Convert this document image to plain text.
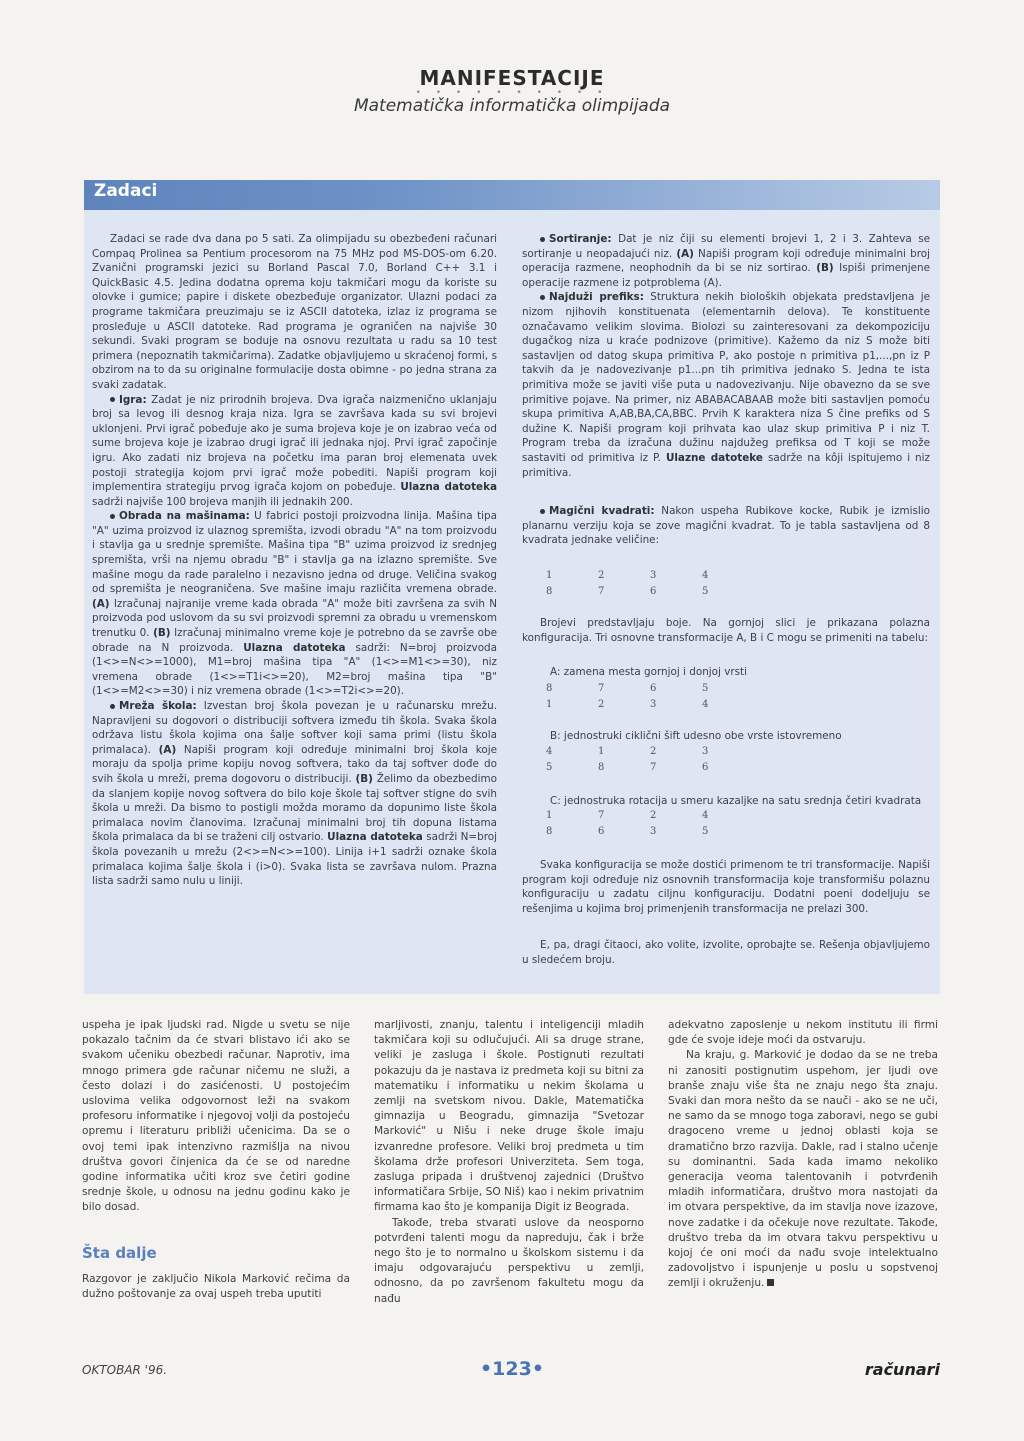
MANIFESTACIJE
• • • • • • • • • •
Matematička informatička olimpijada
Zadaci

Zadaci se rade dva dana po 5 sati. Za olimpijadu su obezbeđeni računari Compaq Prolinea sa Pentium procesorom na 75 MHz pod MS-DOS-om 6.20. Zvanični programski jezici su Borland Pascal 7.0, Borland C++ 3.1 i QuickBasic 4.5. Jedina dodatna oprema koju takmičari mogu da koriste su olovke i gumice; papire i diskete obezbeđuje organizator. Ulazni podaci za programe takmičara preuzimaju se iz ASCII datoteka, izlaz iz programa se prosleđuje u ASCII datoteke. Rad programa je ograničen na najviše 30 sekundi. Svaki program se boduje na osnovu rezultata u radu sa 10 test primera (nepoznatih takmičarima). Zadatke objavljujemo u skraćenoj formi, s obzirom na to da su originalne formulacije dosta obimne - po jedna strana za svaki zadatak.

Igra: Zadat je niz prirodnih brojeva. Dva igrača naizmenično uklanjaju broj sa levog ili desnog kraja niza. Igra se završava kada su svi brojevi uklonjeni. Prvi igrač pobeđuje ako je suma brojeva koje je on izabrao veća od sume brojeva koje je izabrao drugi igrač ili jednaka njoj. Prvi igrač započinje igru. Ako zadati niz brojeva na početku ima paran broj elemenata uvek postoji strategija kojom prvi igrač može pobediti. Napiši program koji implementira strategiju prvog igrača kojom on pobeđuje. Ulazna datoteka sadrži najviše 100 brojeva manjih ili jednakih 200.

Obrada na mašinama: U fabrici postoji proizvodna linija. Mašina tipa "A" uzima proizvod iz ulaznog spremišta, izvodi obradu "A" na tom proizvodu i stavlja ga u srednje spremište. Mašina tipa "B" uzima proizvod iz srednjeg spremišta, vrši na njemu obradu "B" i stavlja ga na izlazno spremište. Sve mašine mogu da rade paralelno i nezavisno jedna od druge. Veličina svakog od spremišta je neograničena. Sve mašine imaju različita vremena obrade. (A) Izračunaj najranije vreme kada obrada "A" može biti završena za svih N proizvoda pod uslovom da su svi proizvodi spremni za obradu u vremenskom trenutku 0. (B) Izračunaj minimalno vreme koje je potrebno da se završe obe obrade na N proizvoda. Ulazna datoteka sadrži: N=broj proizvoda (1<>=N<>=1000), M1=broj mašina tipa "A" (1<>=M1<>=30), niz vremena obrade (1<>=T1i<>=20), M2=broj mašina tipa "B" (1<>=M2<>=30) i niz vremena obrade (1<>=T2i<>=20).

Mreža škola: Izvestan broj škola povezan je u računarsku mrežu. Napravljeni su dogovori o distribuciji softvera između tih škola. Svaka škola održava listu škola kojima ona šalje softver koji sama primi (listu škola primalaca). (A) Napiši program koji određuje minimalni broj škola koje moraju da spolja prime kopiju novog softvera, tako da taj softver dođe do svih škola u mreži, prema dogovoru o distribuciji. (B) Želimo da obezbedimo da slanjem kopije novog softvera do bilo koje škole taj softver stigne do svih škola u mreži. Da bismo to postigli možda moramo da dopunimo liste škola primalaca novim članovima. Izračunaj minimalni broj tih dopuna listama škola primalaca da bi se traženi cilj ostvario. Ulazna datoteka sadrži N=broj škola povezanih u mrežu (2<>=N<>=100). Linija i+1 sadrži oznake škola primalaca kojima šalje škola i (i>0). Svaka lista se završava nulom. Prazna lista sadrži samo nulu u liniji.

Sortiranje: Dat je niz čiji su elementi brojevi 1, 2 i 3. Zahteva se sortiranje u neopadajući niz. (A) Napiši program koji određuje minimalni broj operacija razmene, neophodnih da bi se niz sortirao. (B) Ispiši primenjene operacije razmene iz potproblema (A).

Najduži prefiks: Struktura nekih bioloških objekata predstavljena je nizom njihovih konstituenata (elementarnih delova). Te konstituente označavamo velikim slovima. Biolozi su zainteresovani za dekompoziciju dugačkog niza u kraće podnizove (primitive). Kažemo da niz S može biti sastavljen od datog skupa primitiva P, ako postoje n primitiva p1,...,pn iz P takvih da je nadovezivanje p1...pn tih primitiva jednako S. Jedna te ista primitiva može se javiti više puta u nadovezivanju. Nije obavezno da se sve primitive pojave. Na primer, niz ABABACABAAB može biti sastavljen pomoću skupa primitiva A,AB,BA,CA,BBC. Prvih K karaktera niza S čine prefiks od S dužine K. Napiši program koji prihvata kao ulaz skup primitiva P i niz T. Program treba da izračuna dužinu najdužeg prefiksa od T koji se može sastaviti od primitiva iz P. Ulazne datoteke sadrže na kôji ispitujemo i niz primitiva.

Magični kvadrati: Nakon uspeha Rubikove kocke, Rubik je izmislio planarnu verziju koja se zove magični kvadrat. To je tabla sastavljena od 8 kvadrata jednake veličine:

1	2	3	4
8	7	6	5

Brojevi predstavljaju boje. Na gornjoj slici je prikazana polazna konfiguracija. Tri osnovne transformacije A, B i C mogu se primeniti na tabelu:

A: zamena mesta gornjoj i donjoj vrsti
8	7	6	5
1	2	3	4
B: jednostruki ciklični šift udesno obe vrste istovremeno
4	1	2	3
5	8	7	6
C: jednostruka rotacija u smeru kazaljke na satu srednja četiri kvadrata
1	7	2	4
8	6	3	5

Svaka konfiguracija se može dostići primenom te tri transformacije. Napiši program koji određuje niz osnovnih transformacija koje transformišu polaznu konfiguraciju u zadatu ciljnu konfiguraciju. Dodatni poeni dodeljuju se rešenjima u kojima broj primenjenih transformacija ne prelazi 300.

E, pa, dragi čitaoci, ako volite, izvolite, oprobajte se. Rešenja objavljujemo u sledećem broju.

uspeha je ipak ljudski rad. Nigde u svetu se nije pokazalo tačnim da će stvari blistavo ići ako se svakom učeniku obezbedi računar. Naprotiv, ima mnogo primera gde računar ničemu ne služi, a često dolazi i do zasićenosti. U postojećim uslovima velika odgovornost leži na svakom profesoru informatike i njegovoj volji da postojeću opremu i literaturu približi učenicima. Da se o ovoj temi ipak intenzivno razmišlja na nivou društva govori činjenica da će se od naredne godine informatika učiti kroz sve četiri godine srednje škole, u odnosu na jednu godinu kako je bilo dosad.

Šta dalje

Razgovor je zaključio Nikola Marković rečima da dužno poštovanje za ovaj uspeh treba uputiti

marljivosti, znanju, talentu i inteligenciji mladih takmičara koji su odlučujući. Ali sa druge strane, veliki je zasluga i škole. Postignuti rezultati pokazuju da je nastava iz predmeta koji su bitni za matematiku i informatiku u nekim školama u zemlji na svetskom nivou. Dakle, Matematička gimnazija u Beogradu, gimnazija "Svetozar Marković" u Nišu i neke druge škole imaju izvanredne profesore. Veliki broj predmeta u tim školama drže profesori Univerziteta. Sem toga, zasluga pripada i društvenoj zajednici (Društvo informatičara Srbije, SO Niš) kao i nekim privatnim firmama kao što je kompanija Digit iz Beograda.

Takođe, treba stvarati uslove da neosporno potvrđeni talenti mogu da napreduju, čak i brže nego što je to normalno u školskom sistemu i da imaju odgovarajuću perspektivu u zemlji, odnosno, da po završenom fakultetu mogu da nađu

adekvatno zaposlenje u nekom institutu ili firmi gde će svoje ideje moći da ostvaruju.

Na kraju, g. Marković je dodao da se ne treba ni zanositi postignutim uspehom, jer ljudi ove branše znaju više šta ne znaju nego šta znaju. Svaki dan mora nešto da se nauči - ako se ne uči, ne samo da se mnogo toga zaboravi, nego se gubi dragoceno vreme u jednoj oblasti koja se dramatično brzo razvija. Dakle, rad i stalno učenje su dominantni. Sada kada imamo nekoliko generacija veoma talentovanih i potvrđenih mladih informatičara, društvo mora nastojati da im otvara perspektive, da im stavlja nove izazove, nove zadatke i da očekuje nove rezultate. Takođe, društvo treba da im otvara takvu perspektivu u kojoj će oni moći da nađu svoje intelektualno zadovoljstvo i ispunjenje u poslu u sopstvenoj zemlji i okruženju.

OKTOBAR '96.	•123•	računari
